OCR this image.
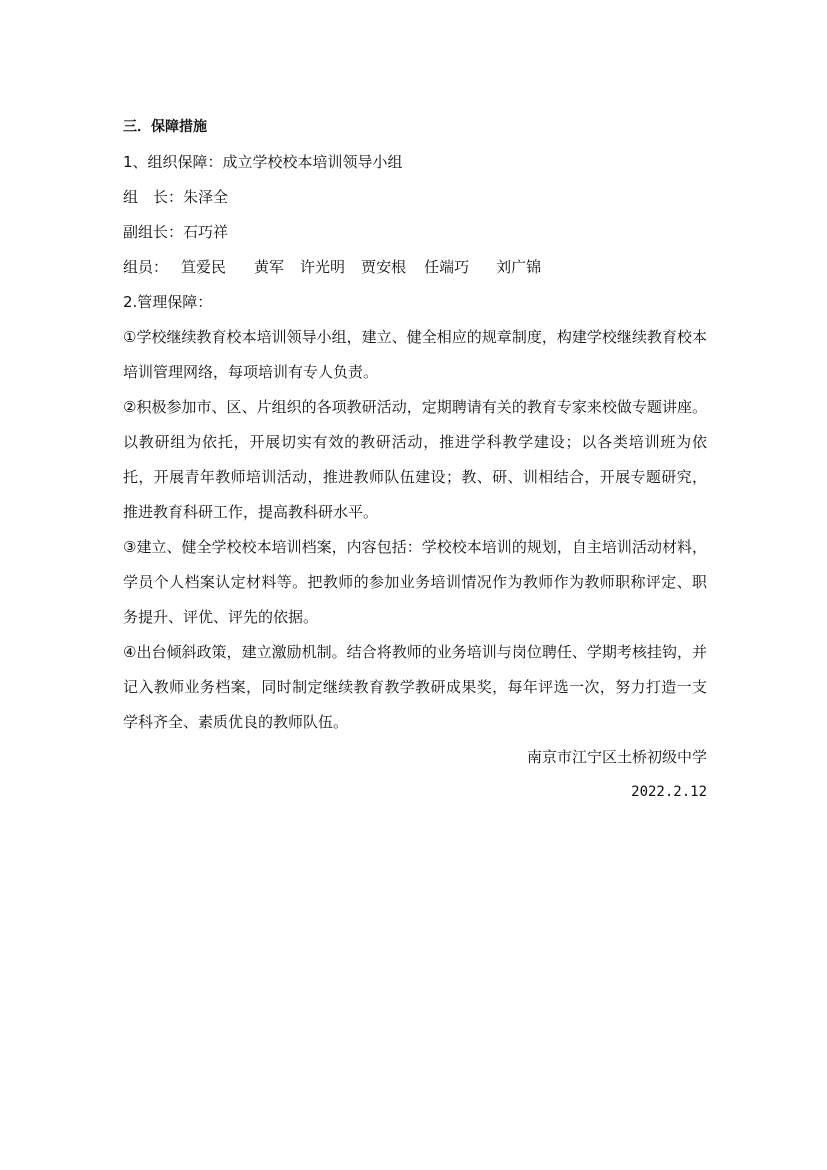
三．保障措施

1、组织保障：成立学校校本培训领导小组

组　长：朱泽全

副组长：石巧祥

组员： 笪爱民 黄军 许光明 贾安根 任端巧 刘广锦

2.管理保障：

①学校继续教育校本培训领导小组，建立、健全相应的规章制度，构建学校继续教育校本培训管理网络，每项培训有专人负责。

②积极参加市、区、片组织的各项教研活动，定期聘请有关的教育专家来校做专题讲座。以教研组为依托，开展切实有效的教研活动，推进学科教学建设；以各类培训班为依托，开展青年教师培训活动，推进教师队伍建设；教、研、训相结合，开展专题研究，推进教育科研工作，提高教科研水平。

③建立、健全学校校本培训档案，内容包括：学校校本培训的规划，自主培训活动材料，学员个人档案认定材料等。把教师的参加业务培训情况作为教师作为教师职称评定、职务提升、评优、评先的依据。

④出台倾斜政策，建立激励机制。结合将教师的业务培训与岗位聘任、学期考核挂钩，并记入教师业务档案，同时制定继续教育教学教研成果奖，每年评选一次，努力打造一支学科齐全、素质优良的教师队伍。

南京市江宁区土桥初级中学

2022.2.12
